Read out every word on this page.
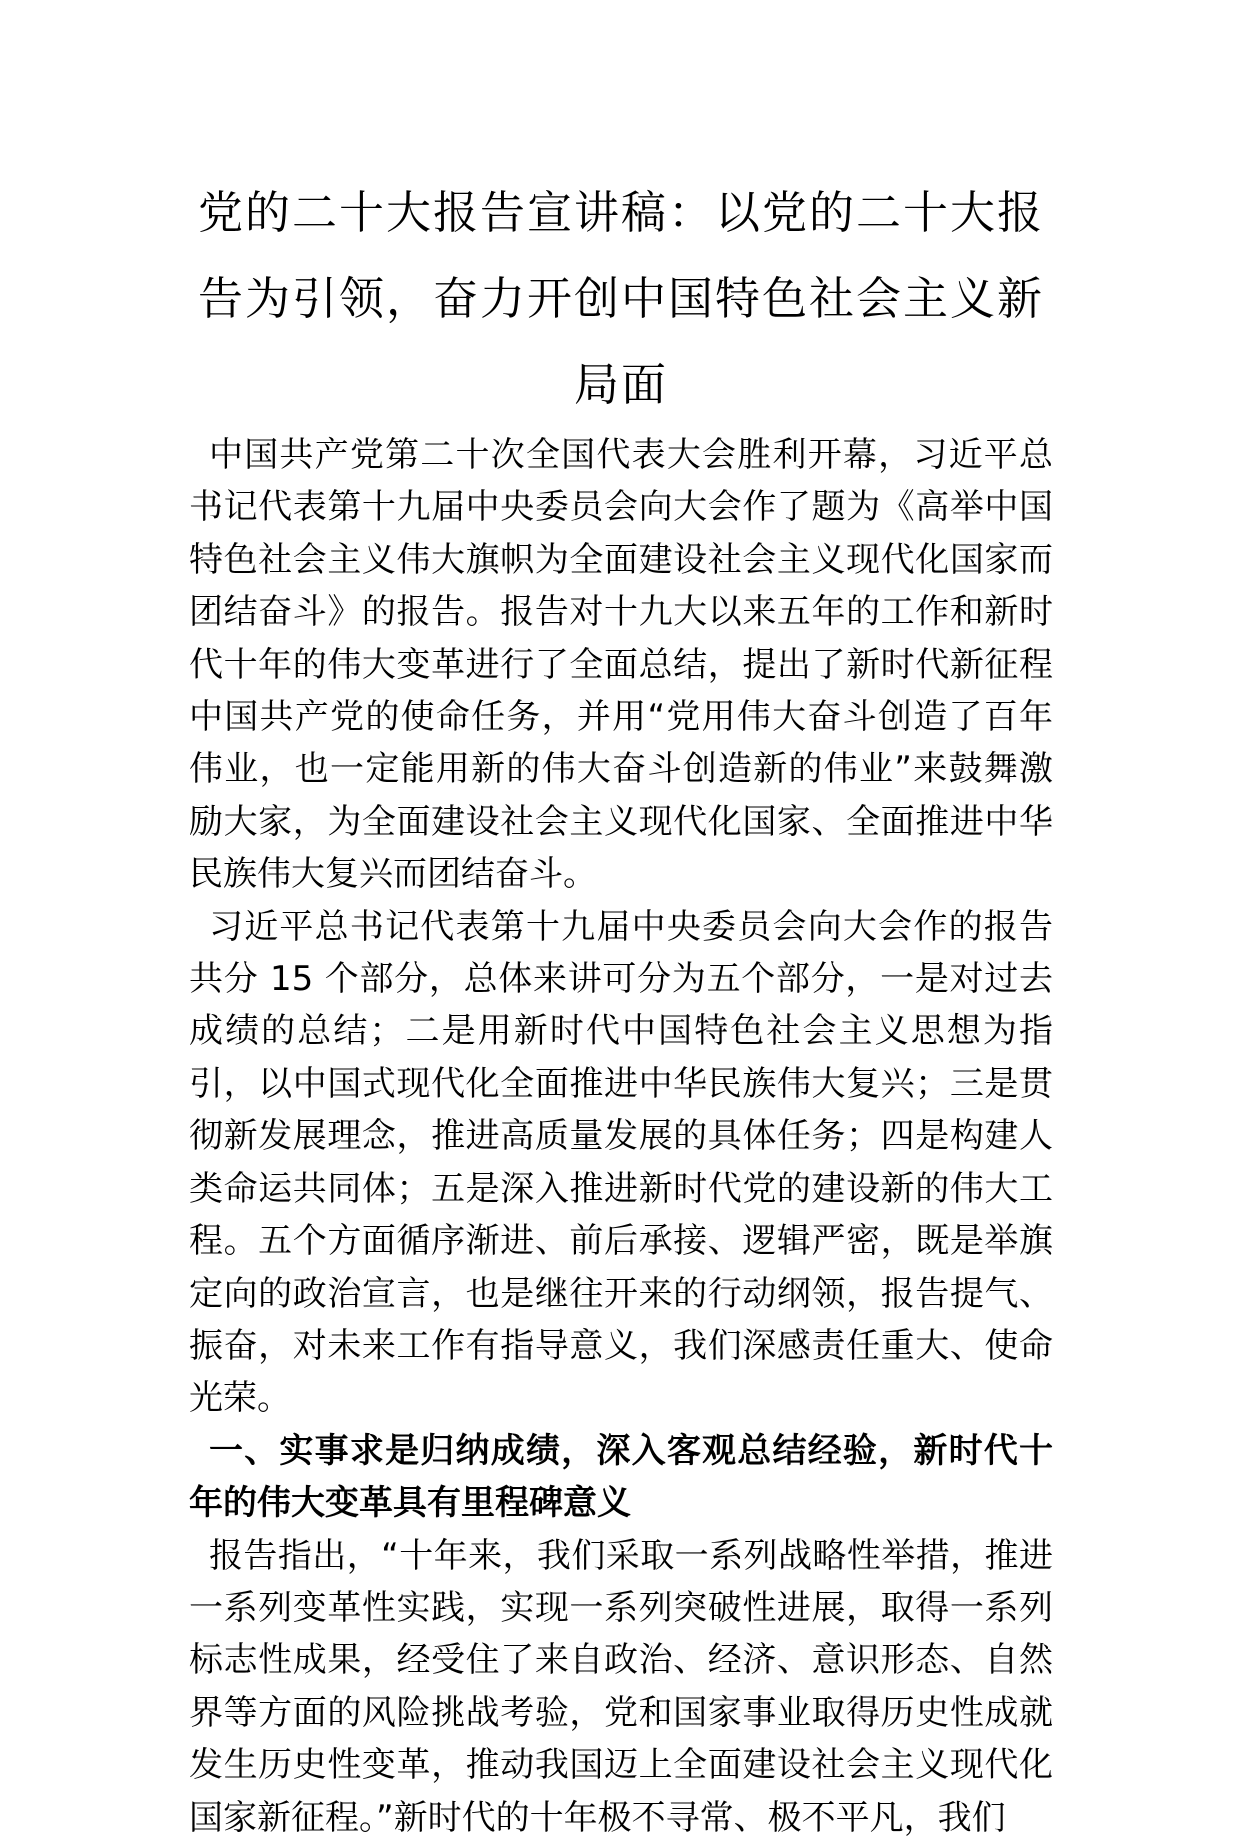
党的二十大报告宣讲稿：以党的二十大报
告为引领，奋力开创中国特色社会主义新
局面

中国共产党第二十次全国代表大会胜利开幕，习近平总书记代表第十九届中央委员会向大会作了题为《高举中国特色社会主义伟大旗帜为全面建设社会主义现代化国家而团结奋斗》的报告。报告对十九大以来五年的工作和新时代十年的伟大变革进行了全面总结，提出了新时代新征程中国共产党的使命任务，并用“党用伟大奋斗创造了百年伟业，也一定能用新的伟大奋斗创造新的伟业”来鼓舞激励大家，为全面建设社会主义现代化国家、全面推进中华民族伟大复兴而团结奋斗。

习近平总书记代表第十九届中央委员会向大会作的报告共分 15 个部分，总体来讲可分为五个部分，一是对过去成绩的总结；二是用新时代中国特色社会主义思想为指引，以中国式现代化全面推进中华民族伟大复兴；三是贯彻新发展理念，推进高质量发展的具体任务；四是构建人类命运共同体；五是深入推进新时代党的建设新的伟大工程。五个方面循序渐进、前后承接、逻辑严密，既是举旗定向的政治宣言，也是继往开来的行动纲领，报告提气、振奋，对未来工作有指导意义，我们深感责任重大、使命光荣。

一、实事求是归纳成绩，深入客观总结经验，新时代十年的伟大变革具有里程碑意义

报告指出，“十年来，我们采取一系列战略性举措，推进一系列变革性实践，实现一系列突破性进展，取得一系列标志性成果，经受住了来自政治、经济、意识形态、自然界等方面的风险挑战考验，党和国家事业取得历史性成就发生历史性变革，推动我国迈上全面建设社会主义现代化国家新征程。”新时代的十年极不寻常、极不平凡，我们
